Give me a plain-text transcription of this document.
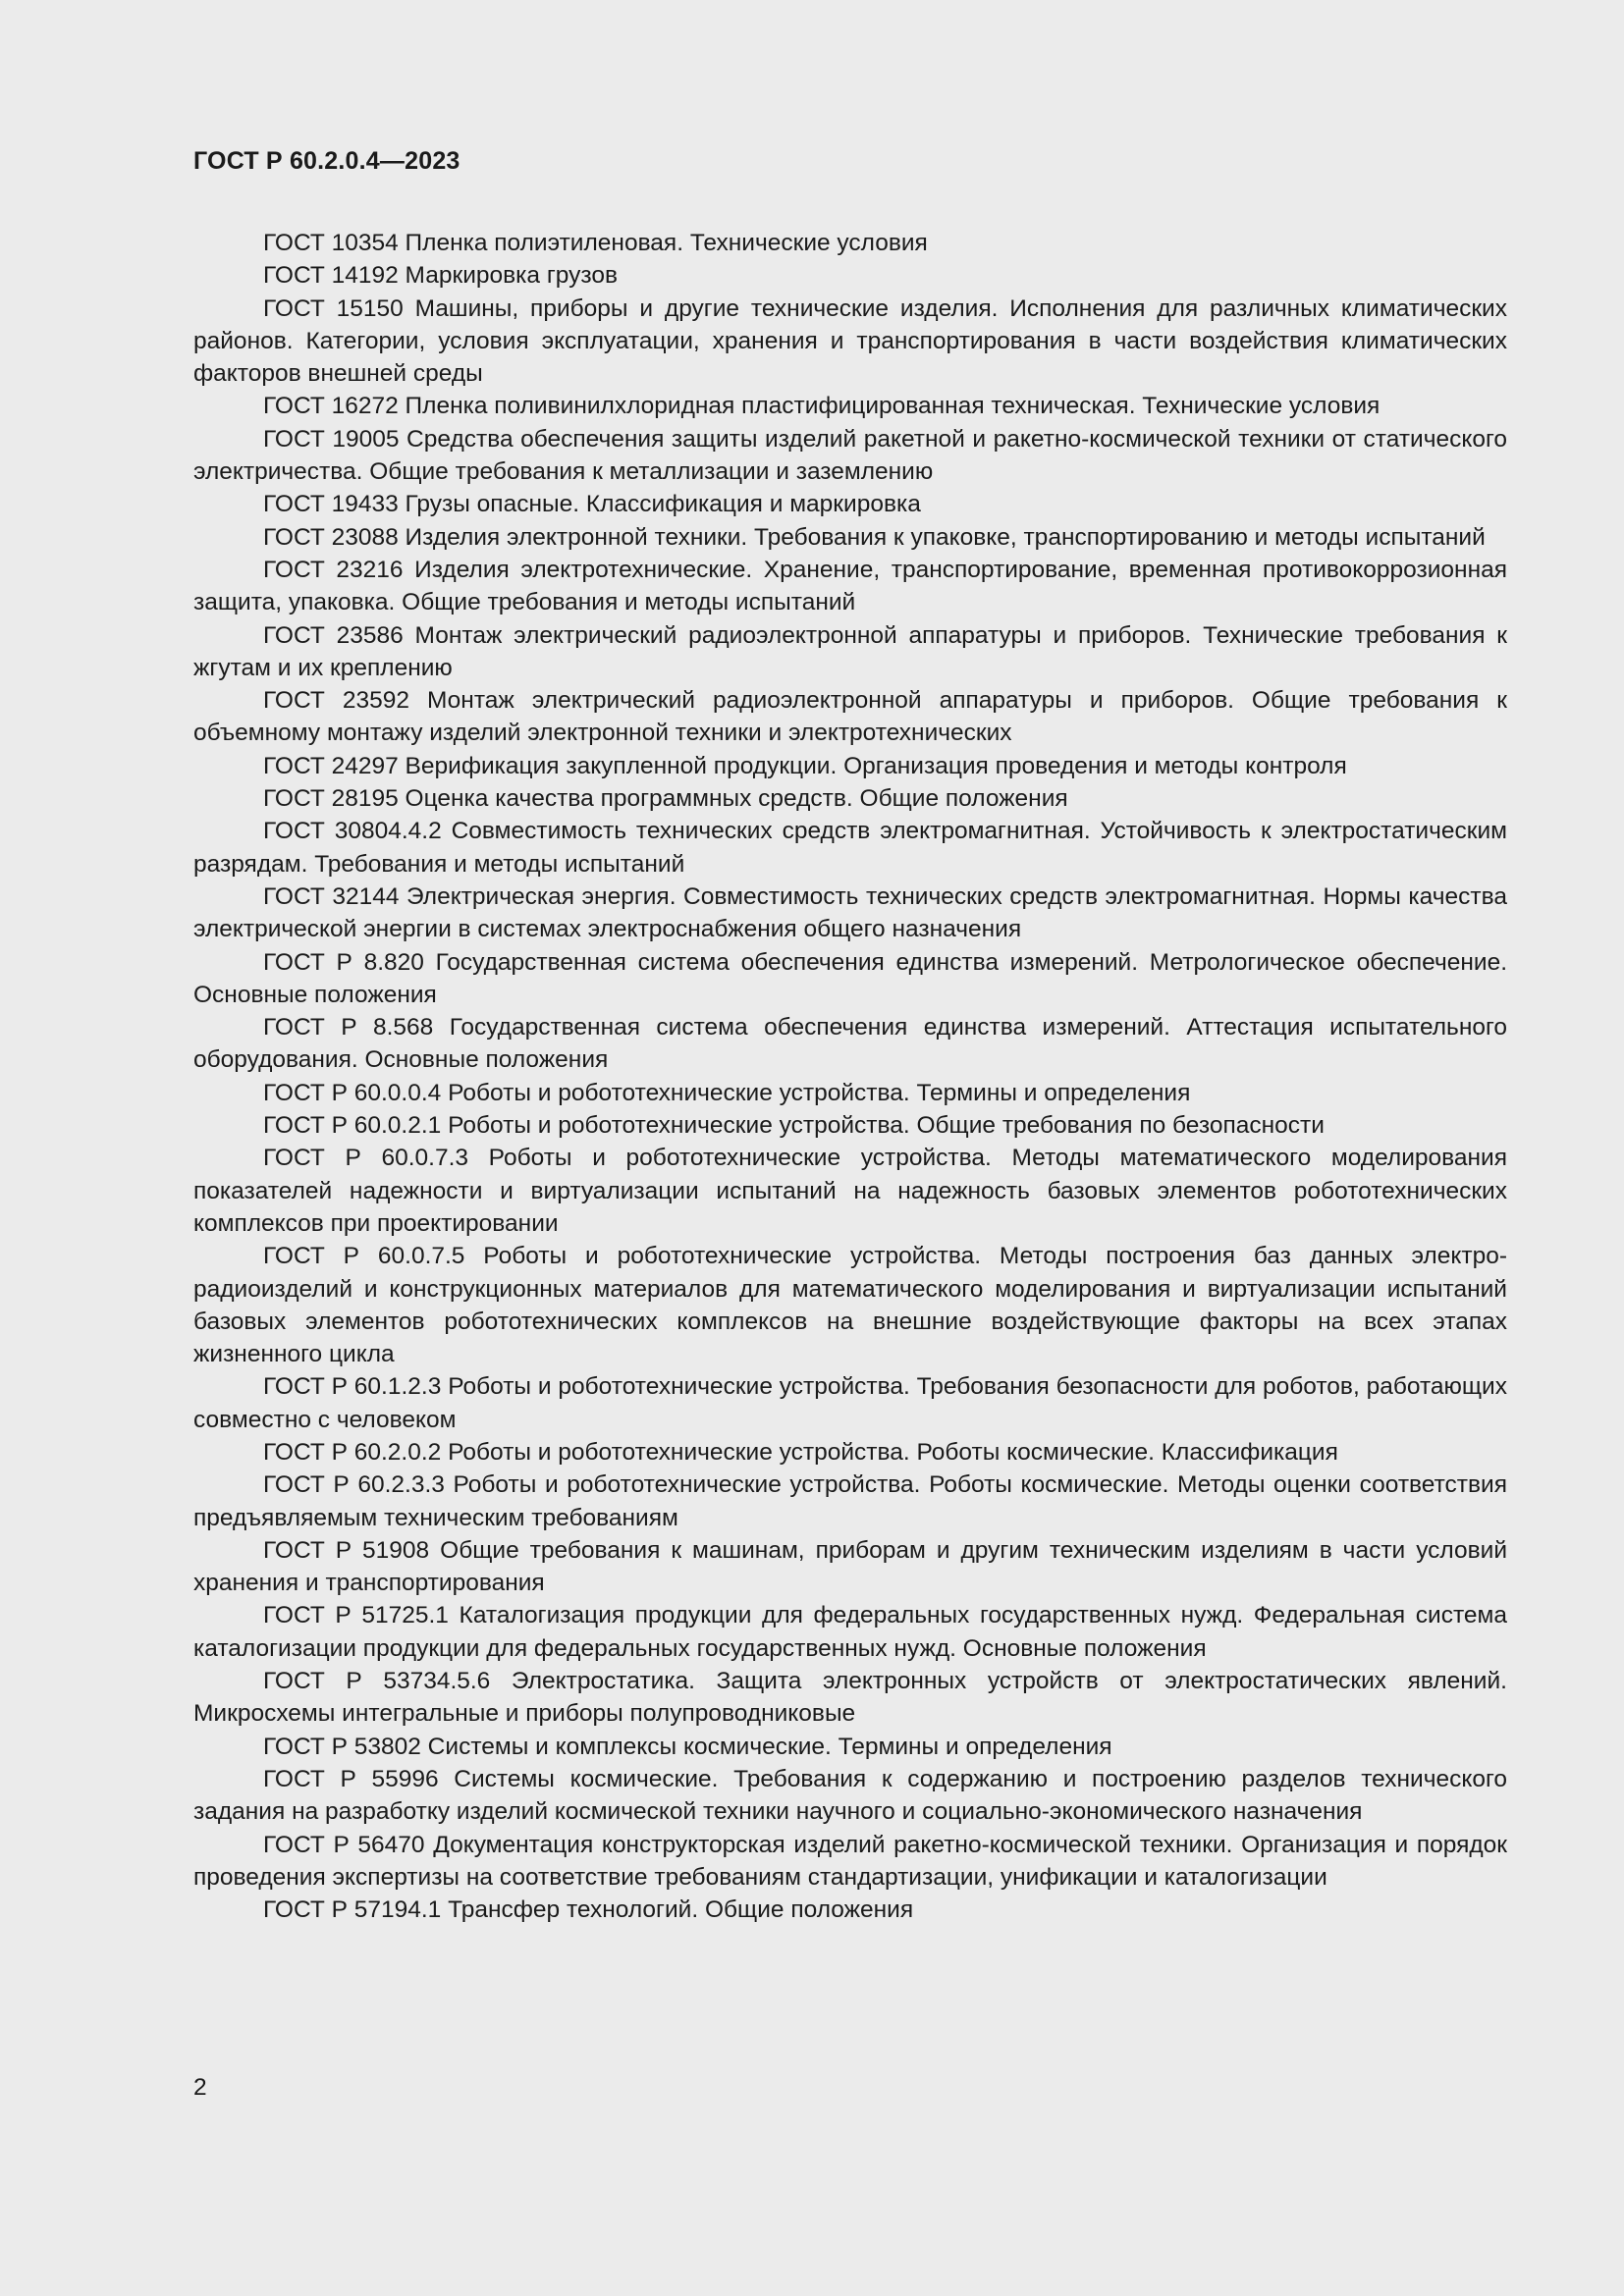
ГОСТ Р 60.2.0.4—2023

ГОСТ 10354 Пленка полиэтиленовая. Технические условия

ГОСТ 14192 Маркировка грузов

ГОСТ 15150 Машины, приборы и другие технические изделия. Исполнения для различных климатических районов. Категории, условия эксплуатации, хранения и транспортирования в части воздействия климатических факторов внешней среды

ГОСТ 16272 Пленка поливинилхлоридная пластифицированная техническая. Технические условия

ГОСТ 19005 Средства обеспечения защиты изделий ракетной и ракетно-космической техники от статического электричества. Общие требования к металлизации и заземлению

ГОСТ 19433 Грузы опасные. Классификация и маркировка

ГОСТ 23088 Изделия электронной техники. Требования к упаковке, транспортированию и методы испытаний

ГОСТ 23216 Изделия электротехнические. Хранение, транспортирование, временная противокоррозионная защита, упаковка. Общие требования и методы испытаний

ГОСТ 23586 Монтаж электрический радиоэлектронной аппаратуры и приборов. Технические требования к жгутам и их креплению

ГОСТ 23592 Монтаж электрический радиоэлектронной аппаратуры и приборов. Общие требования к объемному монтажу изделий электронной техники и электротехнических

ГОСТ 24297 Верификация закупленной продукции. Организация проведения и методы контроля

ГОСТ 28195 Оценка качества программных средств. Общие положения

ГОСТ 30804.4.2 Совместимость технических средств электромагнитная. Устойчивость к электростатическим разрядам. Требования и методы испытаний

ГОСТ 32144 Электрическая энергия. Совместимость технических средств электромагнитная. Нормы качества электрической энергии в системах электроснабжения общего назначения

ГОСТ Р 8.820 Государственная система обеспечения единства измерений. Метрологическое обеспечение. Основные положения

ГОСТ Р 8.568 Государственная система обеспечения единства измерений. Аттестация испытательного оборудования. Основные положения

ГОСТ Р 60.0.0.4 Роботы и робототехнические устройства. Термины и определения

ГОСТ Р 60.0.2.1 Роботы и робототехнические устройства. Общие требования по безопасности

ГОСТ Р 60.0.7.3 Роботы и робототехнические устройства. Методы математического моделирования показателей надежности и виртуализации испытаний на надежность базовых элементов робототехнических комплексов при проектировании

ГОСТ Р 60.0.7.5 Роботы и робототехнические устройства. Методы построения баз данных электрорадиоизделий и конструкционных материалов для математического моделирования и виртуализации испытаний базовых элементов робототехнических комплексов на внешние воздействующие факторы на всех этапах жизненного цикла

ГОСТ Р 60.1.2.3 Роботы и робототехнические устройства. Требования безопасности для роботов, работающих совместно с человеком

ГОСТ Р 60.2.0.2 Роботы и робототехнические устройства. Роботы космические. Классификация

ГОСТ Р 60.2.3.3 Роботы и робототехнические устройства. Роботы космические. Методы оценки соответствия предъявляемым техническим требованиям

ГОСТ Р 51908 Общие требования к машинам, приборам и другим техническим изделиям в части условий хранения и транспортирования

ГОСТ Р 51725.1 Каталогизация продукции для федеральных государственных нужд. Федеральная система каталогизации продукции для федеральных государственных нужд. Основные положения

ГОСТ Р 53734.5.6 Электростатика. Защита электронных устройств от электростатических явлений. Микросхемы интегральные и приборы полупроводниковые

ГОСТ Р 53802 Системы и комплексы космические. Термины и определения

ГОСТ Р 55996 Системы космические. Требования к содержанию и построению разделов технического задания на разработку изделий космической техники научного и социально-экономического назначения

ГОСТ Р 56470 Документация конструкторская изделий ракетно-космической техники. Организация и порядок проведения экспертизы на соответствие требованиям стандартизации, унификации и каталогизации

ГОСТ Р 57194.1 Трансфер технологий. Общие положения

2
